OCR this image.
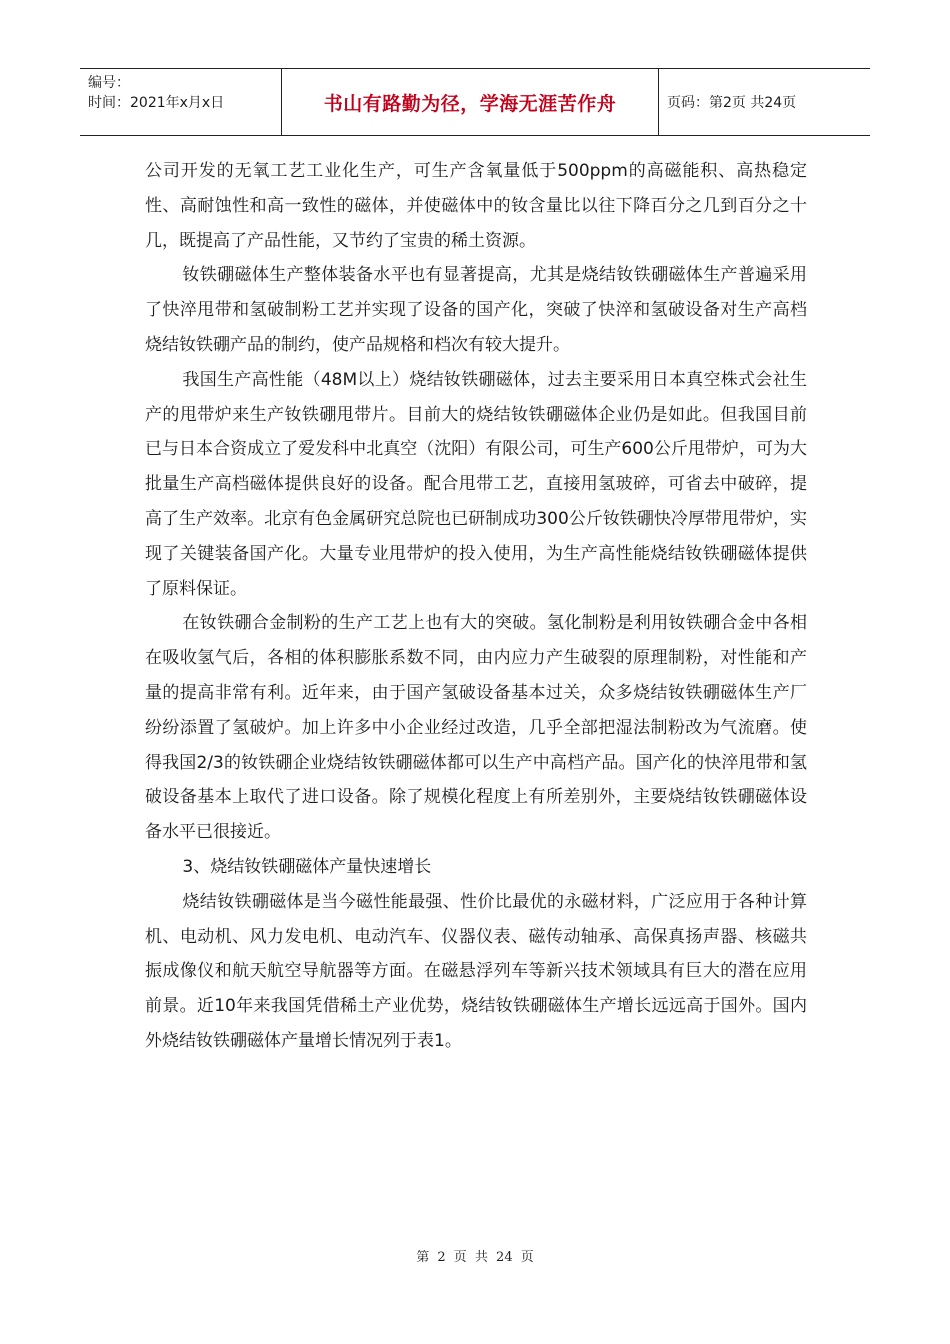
编号：
时间：2021年x月x日	书山有路勤为径，学海无涯苦作舟	页码：第2页 共24页

公司开发的无氧工艺工业化生产，可生产含氧量低于500ppm的高磁能积、高热稳定性、高耐蚀性和高一致性的磁体，并使磁体中的钕含量比以往下降百分之几到百分之十几，既提高了产品性能，又节约了宝贵的稀土资源。

钕铁硼磁体生产整体装备水平也有显著提高，尤其是烧结钕铁硼磁体生产普遍采用了快淬甩带和氢破制粉工艺并实现了设备的国产化，突破了快淬和氢破设备对生产高档烧结钕铁硼产品的制约，使产品规格和档次有较大提升。

我国生产高性能（48M以上）烧结钕铁硼磁体，过去主要采用日本真空株式会社生产的甩带炉来生产钕铁硼甩带片。目前大的烧结钕铁硼磁体企业仍是如此。但我国目前已与日本合资成立了爱发科中北真空（沈阳）有限公司，可生产600公斤甩带炉，可为大批量生产高档磁体提供良好的设备。配合甩带工艺，直接用氢玻碎，可省去中破碎，提高了生产效率。北京有色金属研究总院也已研制成功300公斤钕铁硼快冷厚带甩带炉，实现了关键装备国产化。大量专业甩带炉的投入使用，为生产高性能烧结钕铁硼磁体提供了原料保证。

在钕铁硼合金制粉的生产工艺上也有大的突破。氢化制粉是利用钕铁硼合金中各相在吸收氢气后，各相的体积膨胀系数不同，由内应力产生破裂的原理制粉，对性能和产量的提高非常有利。近年来，由于国产氢破设备基本过关，众多烧结钕铁硼磁体生产厂纷纷添置了氢破炉。加上许多中小企业经过改造，几乎全部把湿法制粉改为气流磨。使得我国2/3的钕铁硼企业烧结钕铁硼磁体都可以生产中高档产品。国产化的快淬甩带和氢破设备基本上取代了进口设备。除了规模化程度上有所差别外，主要烧结钕铁硼磁体设备水平已很接近。

3、烧结钕铁硼磁体产量快速增长

烧结钕铁硼磁体是当今磁性能最强、性价比最优的永磁材料，广泛应用于各种计算机、电动机、风力发电机、电动汽车、仪器仪表、磁传动轴承、高保真扬声器、核磁共振成像仪和航天航空导航器等方面。在磁悬浮列车等新兴技术领域具有巨大的潜在应用前景。近10年来我国凭借稀土产业优势，烧结钕铁硼磁体生产增长远远高于国外。国内外烧结钕铁硼磁体产量增长情况列于表1。

第 2 页 共 24 页
